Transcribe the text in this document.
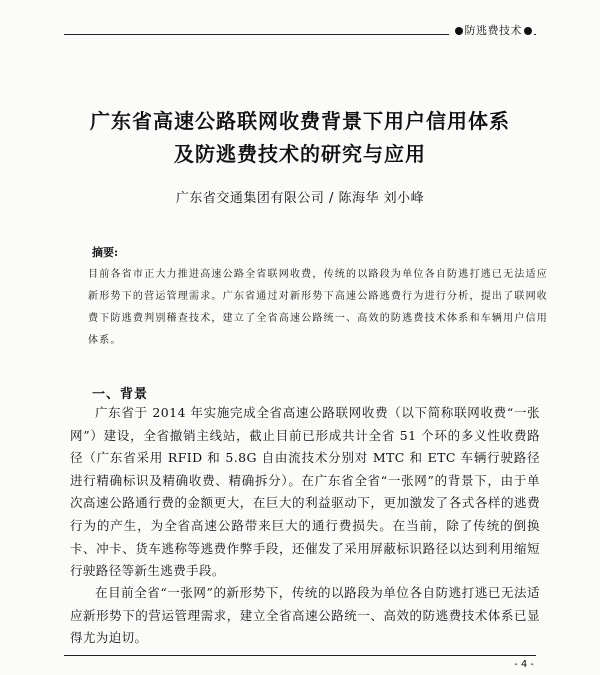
防逃费技术
广东省高速公路联网收费背景下用户信用体系
及防逃费技术的研究与应用
广东省交通集团有限公司 / 陈海华 刘小峰
摘要:
目前各省市正大力推进高速公路全省联网收费，传统的以路段为单位各自防逃打逃已无法适应新形势下的营运管理需求。广东省通过对新形势下高速公路逃费行为进行分析，提出了联网收费下防逃费判别稽查技术，建立了全省高速公路统一、高效的防逃费技术体系和车辆用户信用体系。
一、背景
广东省于 2014 年实施完成全省高速公路联网收费（以下简称联网收费“一张网”）建设，全省撤销主线站，截止目前已形成共计全省 51 个环的多义性收费路径（广东省采用 RFID 和 5.8G 自由流技术分别对 MTC 和 ETC 车辆行驶路径进行精确标识及精确收费、精确拆分）。在广东省全省“一张网”的背景下，由于单次高速公路通行费的金额更大，在巨大的利益驱动下，更加激发了各式各样的逃费行为的产生，为全省高速公路带来巨大的通行费损失。在当前，除了传统的倒换卡、冲卡、货车逃称等逃费作弊手段，还催发了采用屏蔽标识路径以达到利用缩短行驶路径等新生逃费手段。
在目前全省“一张网”的新形势下，传统的以路段为单位各自防逃打逃已无法适应新形势下的营运管理需求，建立全省高速公路统一、高效的防逃费技术体系已显得尤为迫切。
- 4 -
